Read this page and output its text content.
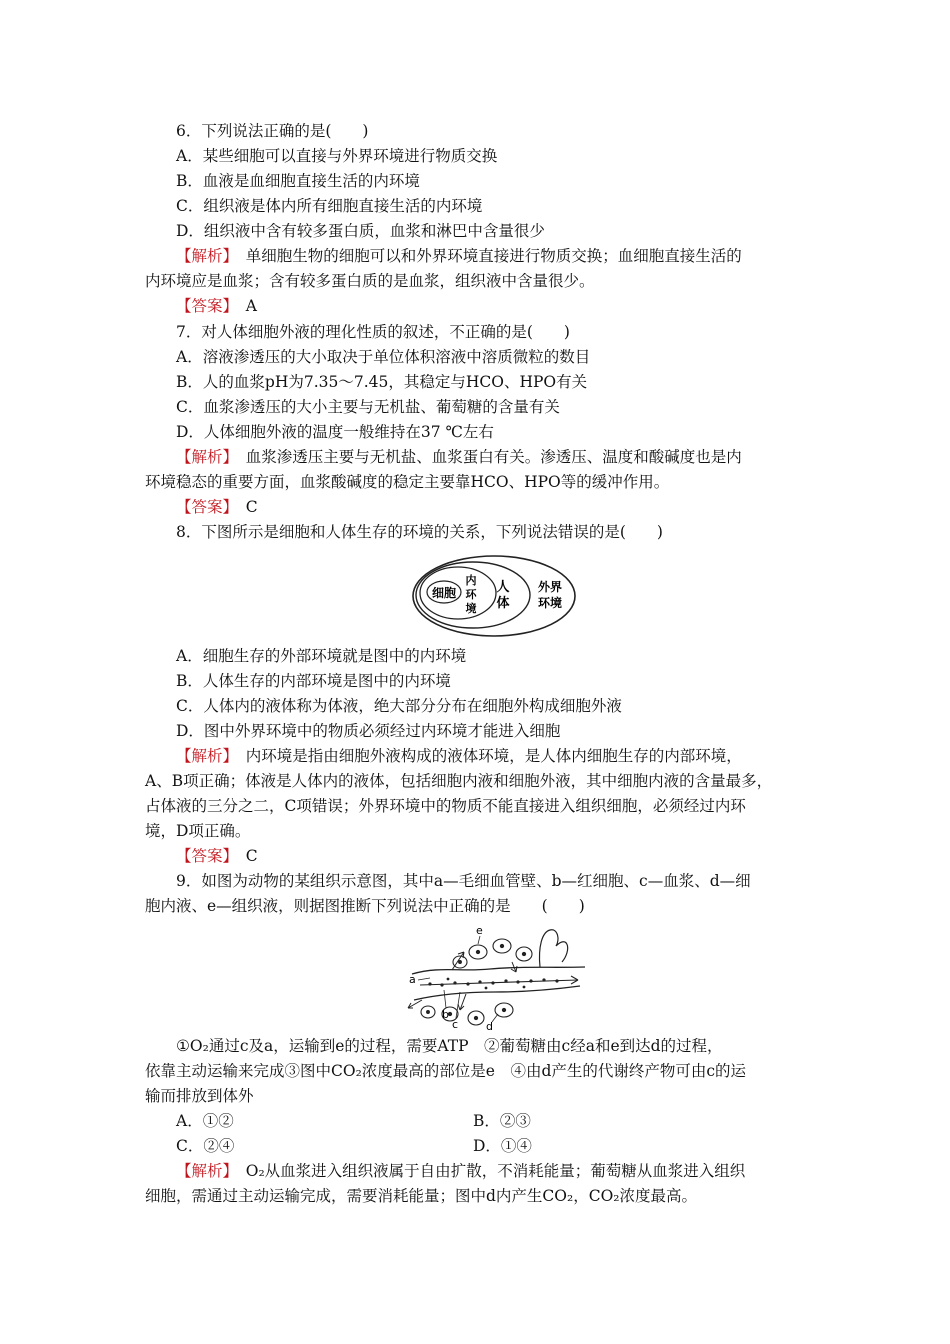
6．下列说法正确的是(　　)
A．某些细胞可以直接与外界环境进行物质交换
B．血液是血细胞直接生活的内环境
C．组织液是体内所有细胞直接生活的内环境
D．组织液中含有较多蛋白质，血浆和淋巴中含量很少
【解析】　单细胞生物的细胞可以和外界环境直接进行物质交换；血细胞直接生活的
内环境应是血浆；含有较多蛋白质的是血浆，组织液中含量很少。
【答案】　A
7．对人体细胞外液的理化性质的叙述，不正确的是(　　)
A．溶液渗透压的大小取决于单位体积溶液中溶质微粒的数目
B．人的血浆pH为7.35～7.45，其稳定与HCO、HPO有关
C．血浆渗透压的大小主要与无机盐、葡萄糖的含量有关
D．人体细胞外液的温度一般维持在37 ℃左右
【解析】　血浆渗透压主要与无机盐、血浆蛋白有关。渗透压、温度和酸碱度也是内
环境稳态的重要方面，血浆酸碱度的稳定主要靠HCO、HPO等的缓冲作用。
【答案】　C
8．下图所示是细胞和人体生存的环境的关系，下列说法错误的是(　　)
细胞
内
环
境
人
体
外界
环境
A．细胞生存的外部环境就是图中的内环境
B．人体生存的内部环境是图中的内环境
C．人体内的液体称为体液，绝大部分分布在细胞外构成细胞外液
D．图中外界环境中的物质必须经过内环境才能进入细胞
【解析】　内环境是指由细胞外液构成的液体环境，是人体内细胞生存的内部环境，
A、B项正确；体液是人体内的液体，包括细胞内液和细胞外液，其中细胞内液的含量最多，
占体液的三分之二，C项错误；外界环境中的物质不能直接进入组织细胞，必须经过内环
境，D项正确。
【答案】　C
9．如图为动物的某组织示意图，其中a—毛细血管壁、b—红细胞、c—血浆、d—细
胞内液、e—组织液，则据图推断下列说法中正确的是　　(　　)
a
b
c	d
e
①O₂通过c及a，运输到e的过程，需要ATP　②葡萄糖由c经a和e到达d的过程，
依靠主动运输来完成③图中CO₂浓度最高的部位是e　④由d产生的代谢终产物可由c的运
输而排放到体外
A．①②	B．②③
C．②④	D．①④
【解析】　O₂从血浆进入组织液属于自由扩散，不消耗能量；葡萄糖从血浆进入组织
细胞，需通过主动运输完成，需要消耗能量；图中d内产生CO₂，CO₂浓度最高。
